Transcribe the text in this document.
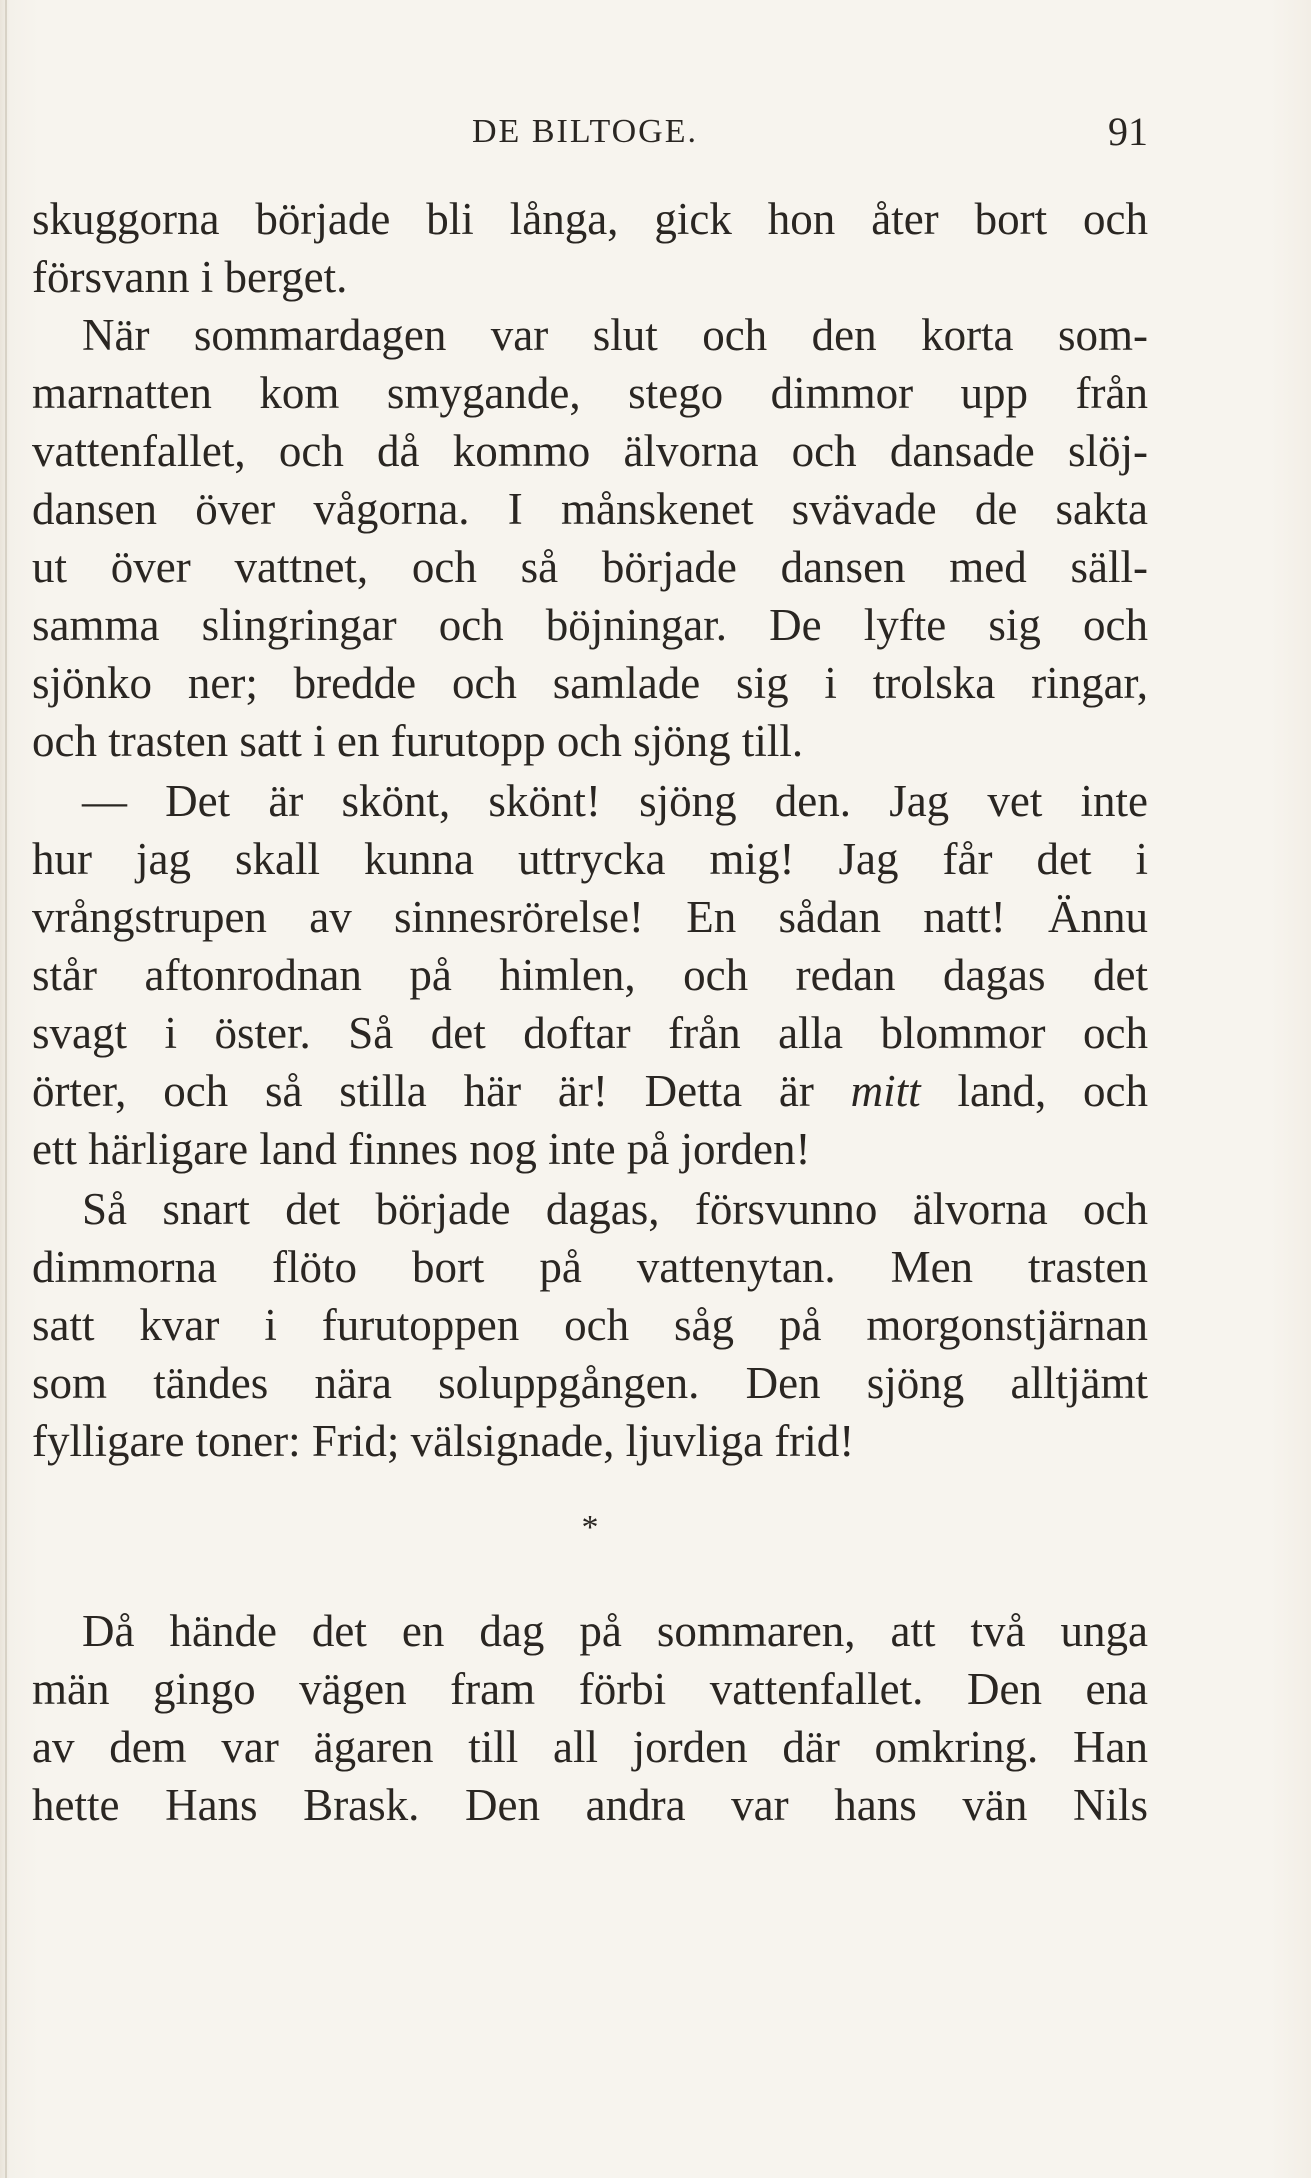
DE BILTOGE.	91
skuggorna började bli långa, gick hon åter bort och
försvann i berget.
När sommardagen var slut och den korta som-
marnatten kom smygande, stego dimmor upp från
vattenfallet, och då kommo älvorna och dansade slöj-
dansen över vågorna. I månskenet svävade de sakta
ut över vattnet, och så började dansen med säll-
samma slingringar och böjningar. De lyfte sig och
sjönko ner; bredde och samlade sig i trolska ringar,
och trasten satt i en furutopp och sjöng till.
— Det är skönt, skönt! sjöng den. Jag vet inte
hur jag skall kunna uttrycka mig! Jag får det i
vrångstrupen av sinnesrörelse! En sådan natt! Ännu
står aftonrodnan på himlen, och redan dagas det
svagt i öster. Så det doftar från alla blommor och
örter, och så stilla här är! Detta är mitt land, och
ett härligare land finnes nog inte på jorden!
Så snart det började dagas, försvunno älvorna och
dimmorna flöto bort på vattenytan. Men trasten
satt kvar i furutoppen och såg på morgonstjärnan
som tändes nära soluppgången. Den sjöng alltjämt
fylligare toner: Frid; välsignade, ljuvliga frid!
*
Då hände det en dag på sommaren, att två unga
män gingo vägen fram förbi vattenfallet. Den ena
av dem var ägaren till all jorden där omkring. Han
hette Hans Brask. Den andra var hans vän Nils
